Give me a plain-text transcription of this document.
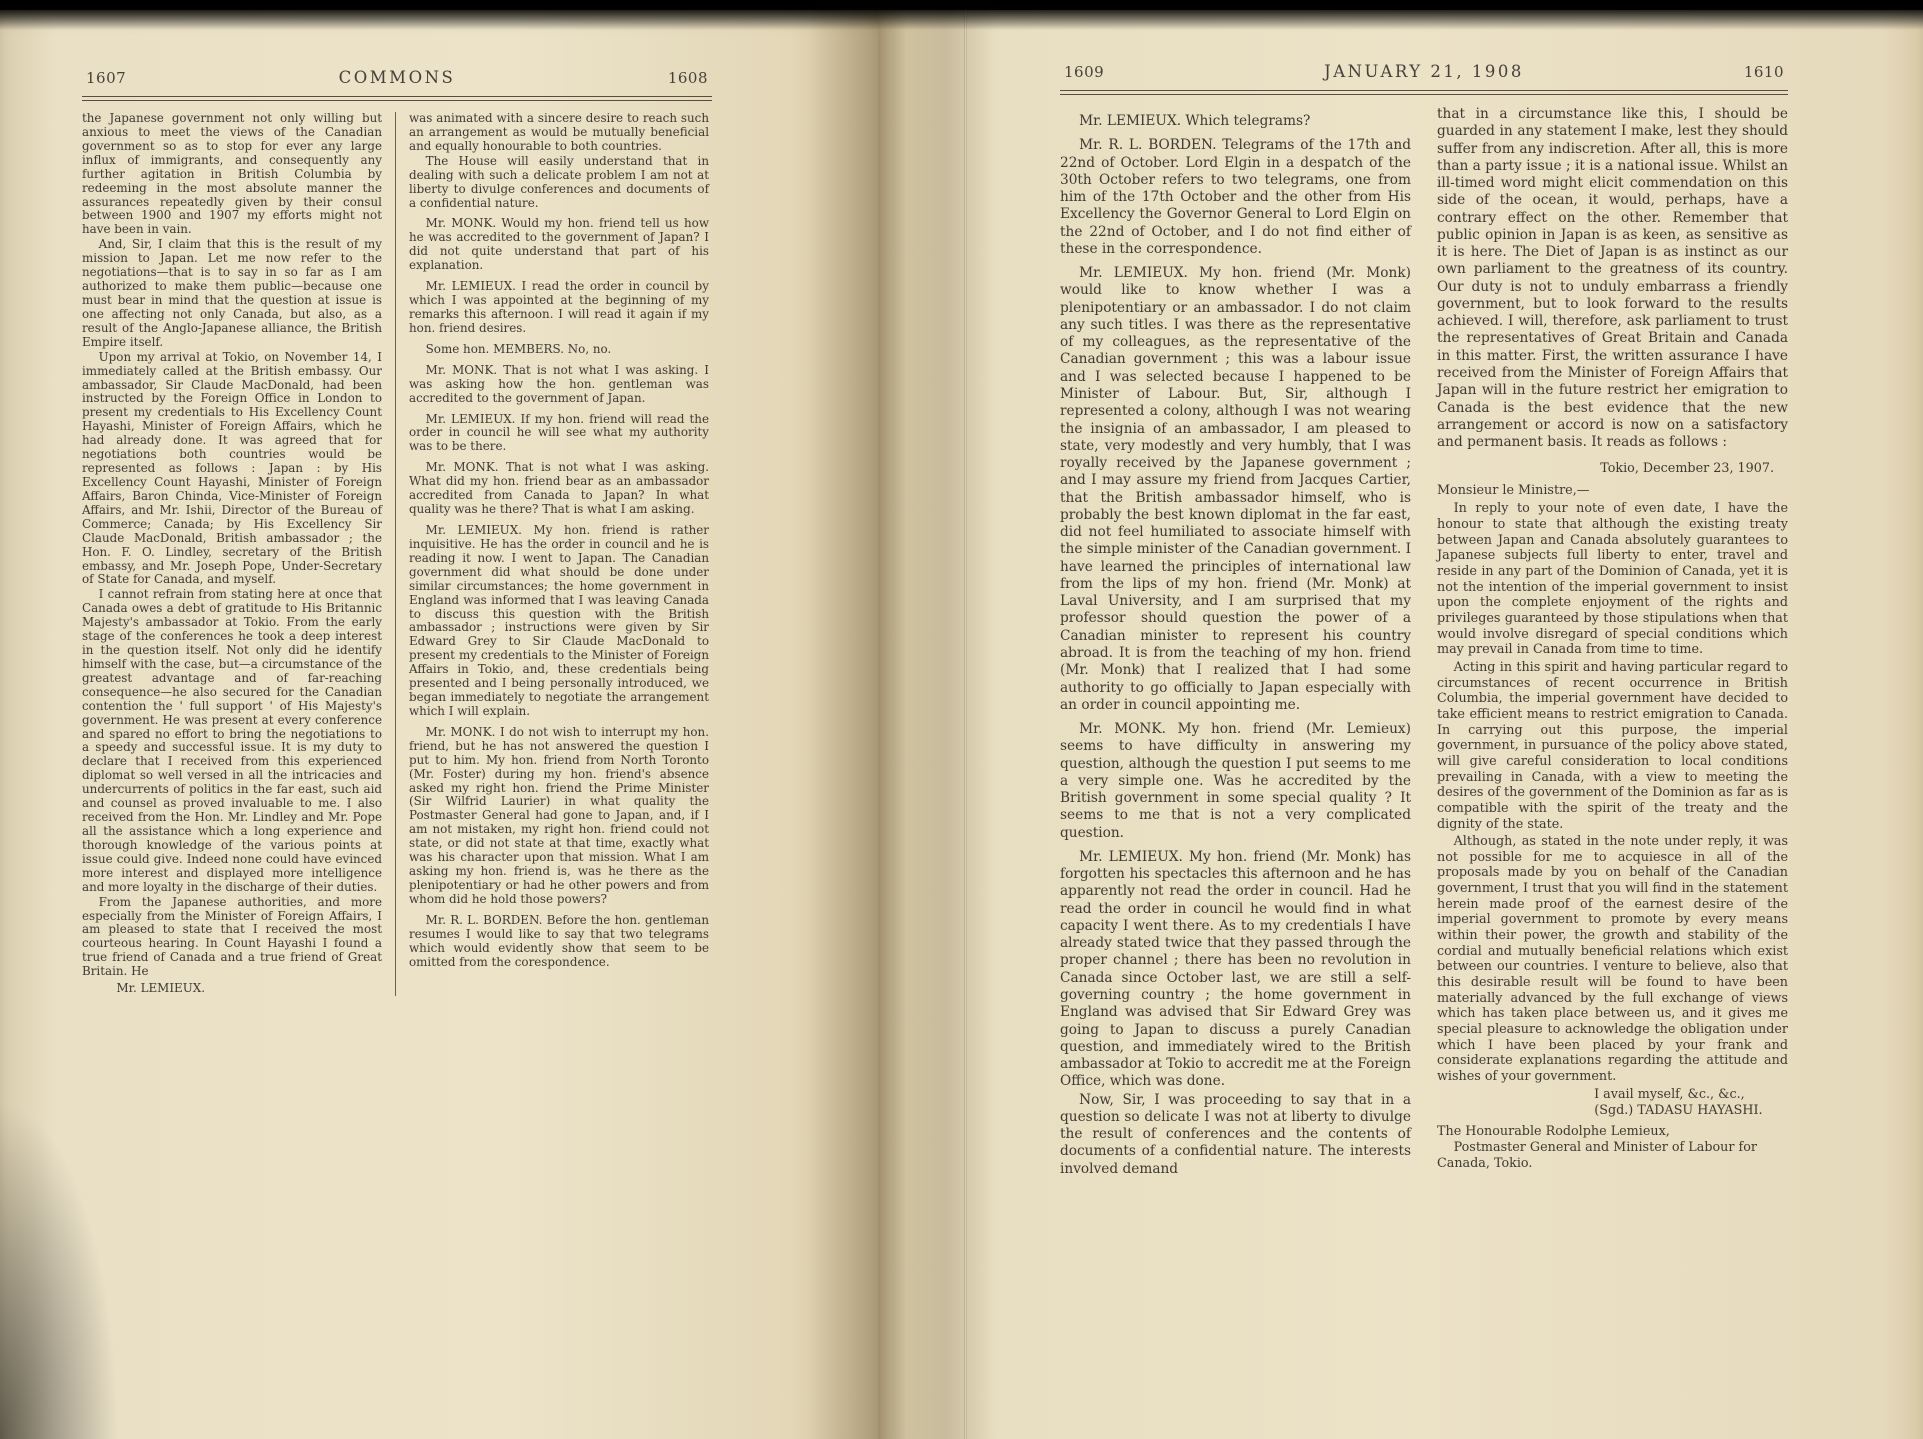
1607	COMMONS	1608

the Japanese government not only willing but anxious to meet the views of the Canadian government so as to stop for ever any large influx of immigrants, and consequently any further agitation in British Columbia by redeeming in the most absolute manner the assurances repeatedly given by their consul between 1900 and 1907 my efforts might not have been in vain.

And, Sir, I claim that this is the result of my mission to Japan. Let me now refer to the negotiations—that is to say in so far as I am authorized to make them public—because one must bear in mind that the question at issue is one affecting not only Canada, but also, as a result of the Anglo-Japanese alliance, the British Empire itself.

Upon my arrival at Tokio, on November 14, I immediately called at the British embassy. Our ambassador, Sir Claude MacDonald, had been instructed by the Foreign Office in London to present my credentials to His Excellency Count Hayashi, Minister of Foreign Affairs, which he had already done. It was agreed that for negotiations both countries would be represented as follows : Japan : by His Excellency Count Hayashi, Minister of Foreign Affairs, Baron Chinda, Vice-Minister of Foreign Affairs, and Mr. Ishii, Director of the Bureau of Commerce; Canada; by His Excellency Sir Claude MacDonald, British ambassador ; the Hon. F. O. Lindley, secretary of the British embassy, and Mr. Joseph Pope, Under-Secretary of State for Canada, and myself.

I cannot refrain from stating here at once that Canada owes a debt of gratitude to His Britannic Majesty's ambassador at Tokio. From the early stage of the conferences he took a deep interest in the question itself. Not only did he identify himself with the case, but—a circumstance of the greatest advantage and of far-reaching consequence—he also secured for the Canadian contention the ' full support ' of His Majesty's government. He was present at every conference and spared no effort to bring the negotiations to a speedy and successful issue. It is my duty to declare that I received from this experienced diplomat so well versed in all the intricacies and undercurrents of politics in the far east, such aid and counsel as proved invaluable to me. I also received from the Hon. Mr. Lindley and Mr. Pope all the assistance which a long experience and thorough knowledge of the various points at issue could give. Indeed none could have evinced more interest and displayed more intelligence and more loyalty in the discharge of their duties.

From the Japanese authorities, and more especially from the Minister of Foreign Affairs, I am pleased to state that I received the most courteous hearing. In Count Hayashi I found a true friend of Canada and a true friend of Great Britain. He

Mr. LEMIEUX.

was animated with a sincere desire to reach such an arrangement as would be mutually beneficial and equally honourable to both countries.

The House will easily understand that in dealing with such a delicate problem I am not at liberty to divulge conferences and documents of a confidential nature.

Mr. MONK. Would my hon. friend tell us how he was accredited to the government of Japan? I did not quite understand that part of his explanation.

Mr. LEMIEUX. I read the order in council by which I was appointed at the beginning of my remarks this afternoon. I will read it again if my hon. friend desires.

Some hon. MEMBERS. No, no.

Mr. MONK. That is not what I was asking. I was asking how the hon. gentleman was accredited to the government of Japan.

Mr. LEMIEUX. If my hon. friend will read the order in council he will see what my authority was to be there.

Mr. MONK. That is not what I was asking. What did my hon. friend bear as an ambassador accredited from Canada to Japan? In what quality was he there? That is what I am asking.

Mr. LEMIEUX. My hon. friend is rather inquisitive. He has the order in council and he is reading it now. I went to Japan. The Canadian government did what should be done under similar circumstances; the home government in England was informed that I was leaving Canada to discuss this question with the British ambassador ; instructions were given by Sir Edward Grey to Sir Claude MacDonald to present my credentials to the Minister of Foreign Affairs in Tokio, and, these credentials being presented and I being personally introduced, we began immediately to negotiate the arrangement which I will explain.

Mr. MONK. I do not wish to interrupt my hon. friend, but he has not answered the question I put to him. My hon. friend from North Toronto (Mr. Foster) during my hon. friend's absence asked my right hon. friend the Prime Minister (Sir Wilfrid Laurier) in what quality the Postmaster General had gone to Japan, and, if I am not mistaken, my right hon. friend could not state, or did not state at that time, exactly what was his character upon that mission. What I am asking my hon. friend is, was he there as the plenipotentiary or had he other powers and from whom did he hold those powers?

Mr. R. L. BORDEN. Before the hon. gentleman resumes I would like to say that two telegrams which would evidently show that seem to be omitted from the corespondence.

1609	JANUARY 21, 1908	1610

Mr. LEMIEUX. Which telegrams?

Mr. R. L. BORDEN. Telegrams of the 17th and 22nd of October. Lord Elgin in a despatch of the 30th October refers to two telegrams, one from him of the 17th October and the other from His Excellency the Governor General to Lord Elgin on the 22nd of October, and I do not find either of these in the correspondence.

Mr. LEMIEUX. My hon. friend (Mr. Monk) would like to know whether I was a plenipotentiary or an ambassador. I do not claim any such titles. I was there as the representative of my colleagues, as the representative of the Canadian government ; this was a labour issue and I was selected because I happened to be Minister of Labour. But, Sir, although I represented a colony, although I was not wearing the insignia of an ambassador, I am pleased to state, very modestly and very humbly, that I was royally received by the Japanese government ; and I may assure my friend from Jacques Cartier, that the British ambassador himself, who is probably the best known diplomat in the far east, did not feel humiliated to associate himself with the simple minister of the Canadian government. I have learned the principles of international law from the lips of my hon. friend (Mr. Monk) at Laval University, and I am surprised that my professor should question the power of a Canadian minister to represent his country abroad. It is from the teaching of my hon. friend (Mr. Monk) that I realized that I had some authority to go officially to Japan especially with an order in council appointing me.

Mr. MONK. My hon. friend (Mr. Lemieux) seems to have difficulty in answering my question, although the question I put seems to me a very simple one. Was he accredited by the British government in some special quality ? It seems to me that is not a very complicated question.

Mr. LEMIEUX. My hon. friend (Mr. Monk) has forgotten his spectacles this afternoon and he has apparently not read the order in council. Had he read the order in council he would find in what capacity I went there. As to my credentials I have already stated twice that they passed through the proper channel ; there has been no revolution in Canada since October last, we are still a self-governing country ; the home government in England was advised that Sir Edward Grey was going to Japan to discuss a purely Canadian question, and immediately wired to the British ambassador at Tokio to accredit me at the Foreign Office, which was done.

Now, Sir, I was proceeding to say that in a question so delicate I was not at liberty to divulge the result of conferences and the contents of documents of a confidential nature. The interests involved demand

that in a circumstance like this, I should be guarded in any statement I make, lest they should suffer from any indiscretion. After all, this is more than a party issue ; it is a national issue. Whilst an ill-timed word might elicit commendation on this side of the ocean, it would, perhaps, have a contrary effect on the other. Remember that public opinion in Japan is as keen, as sensitive as it is here. The Diet of Japan is as instinct as our own parliament to the greatness of its country. Our duty is not to unduly embarrass a friendly government, but to look forward to the results achieved. I will, therefore, ask parliament to trust the representatives of Great Britain and Canada in this matter. First, the written assurance I have received from the Minister of Foreign Affairs that Japan will in the future restrict her emigration to Canada is the best evidence that the new arrangement or accord is now on a satisfactory and permanent basis. It reads as follows :

Tokio, December 23, 1907.

Monsieur le Ministre,—

In reply to your note of even date, I have the honour to state that although the existing treaty between Japan and Canada absolutely guarantees to Japanese subjects full liberty to enter, travel and reside in any part of the Dominion of Canada, yet it is not the intention of the imperial government to insist upon the complete enjoyment of the rights and privileges guaranteed by those stipulations when that would involve disregard of special conditions which may prevail in Canada from time to time.

Acting in this spirit and having particular regard to circumstances of recent occurrence in British Columbia, the imperial government have decided to take efficient means to restrict emigration to Canada. In carrying out this purpose, the imperial government, in pursuance of the policy above stated, will give careful consideration to local conditions prevailing in Canada, with a view to meeting the desires of the government of the Dominion as far as is compatible with the spirit of the treaty and the dignity of the state.

Although, as stated in the note under reply, it was not possible for me to acquiesce in all of the proposals made by you on behalf of the Canadian government, I trust that you will find in the statement herein made proof of the earnest desire of the imperial government to promote by every means within their power, the growth and stability of the cordial and mutually beneficial relations which exist between our countries. I venture to believe, also that this desirable result will be found to have been materially advanced by the full exchange of views which has taken place between us, and it gives me special pleasure to acknowledge the obligation under which I have been placed by your frank and considerate explanations regarding the attitude and wishes of your government.

I avail myself, &c., &c.,

(Sgd.) TADASU HAYASHI.

The Honourable Rodolphe Lemieux,

Postmaster General and Minister of Labour for Canada, Tokio.
